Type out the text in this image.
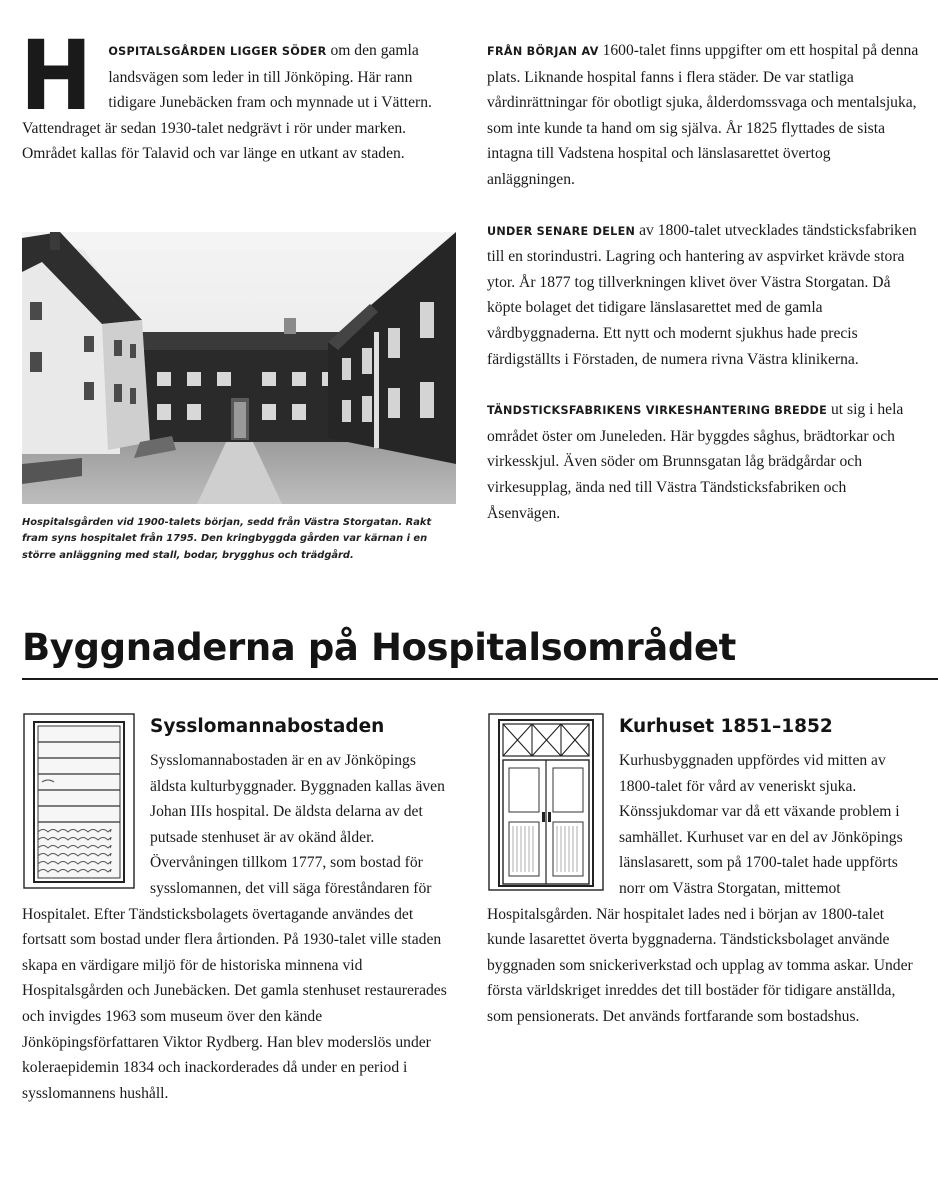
H OSPITALSGÅRDEN LIGGER SÖDER om den gamla landsvägen som leder in till Jönköping. Här rann tidigare Junebäcken fram och mynnade ut i Vättern. Vattendraget är sedan 1930-talet nedgrävt i rör under marken. Området kallas för Talavid och var länge en utkant av staden.

Hospitalsgården vid 1900-talets början, sedd från Västra Storgatan. Rakt fram syns hospitalet från 1795. Den kringbyggda gården var kärnan i en större anläggning med stall, bodar, brygghus och trädgård.

FRÅN BÖRJAN AV 1600-talet finns uppgifter om ett hospital på denna plats. Liknande hospital fanns i flera städer. De var statliga vårdinrättningar för obotligt sjuka, ålderdomssvaga och mentalsjuka, som inte kunde ta hand om sig själva. År 1825 flyttades de sista intagna till Vadstena hospital och länslasarettet övertog anläggningen.

UNDER SENARE DELEN av 1800-talet utvecklades tändsticksfabriken till en storindustri. Lagring och hantering av aspvirket krävde stora ytor. År 1877 tog tillverkningen klivet över Västra Storgatan. Då köpte bolaget det tidigare länslasarettet med de gamla vårdbyggnaderna. Ett nytt och modernt sjukhus hade precis färdigställts i Förstaden, de numera rivna Västra klinikerna.

TÄNDSTICKSFABRIKENS VIRKESHANTERING BREDDE ut sig i hela området öster om Juneleden. Här byggdes såghus, brädtorkar och virkesskjul. Även söder om Brunnsgatan låg brädgårdar och virkesupplag, ända ned till Västra Tändsticksfabriken och Åsenvägen.

Byggnaderna på Hospitalsområdet
Sysslomannabostaden

Sysslomannabostaden är en av Jönköpings äldsta kulturbyggnader. Byggnaden kallas även Johan IIIs hospital. De äldsta delarna av det putsade stenhuset är av okänd ålder. Övervåningen tillkom 1777, som bostad för sysslomannen, det vill säga föreståndaren för Hospitalet. Efter Tändsticksbolagets övertagande användes det fortsatt som bostad under flera årtionden. På 1930-talet ville staden skapa en värdigare miljö för de historiska minnena vid Hospitalsgården och Junebäcken. Det gamla stenhuset restaurerades och invigdes 1963 som museum över den kände Jönköpingsförfattaren Viktor Rydberg. Han blev moderslös under koleraepidemin 1834 och inackorderades då under en period i sysslomannens hushåll.

Kurhuset 1851–1852

Kurhusbyggnaden uppfördes vid mitten av 1800-talet för vård av veneriskt sjuka. Könssjukdomar var då ett växande problem i samhället. Kurhuset var en del av Jönköpings länslasarett, som på 1700-talet hade uppförts norr om Västra Storgatan, mittemot Hospitalsgården. När hospitalet lades ned i början av 1800-talet kunde lasarettet överta byggnaderna. Tändsticksbolaget använde byggnaden som snickeriverkstad och upplag av tomma askar. Under första världskriget inreddes det till bostäder för tidigare anställda, som pensionerats. Det används fortfarande som bostadshus.
